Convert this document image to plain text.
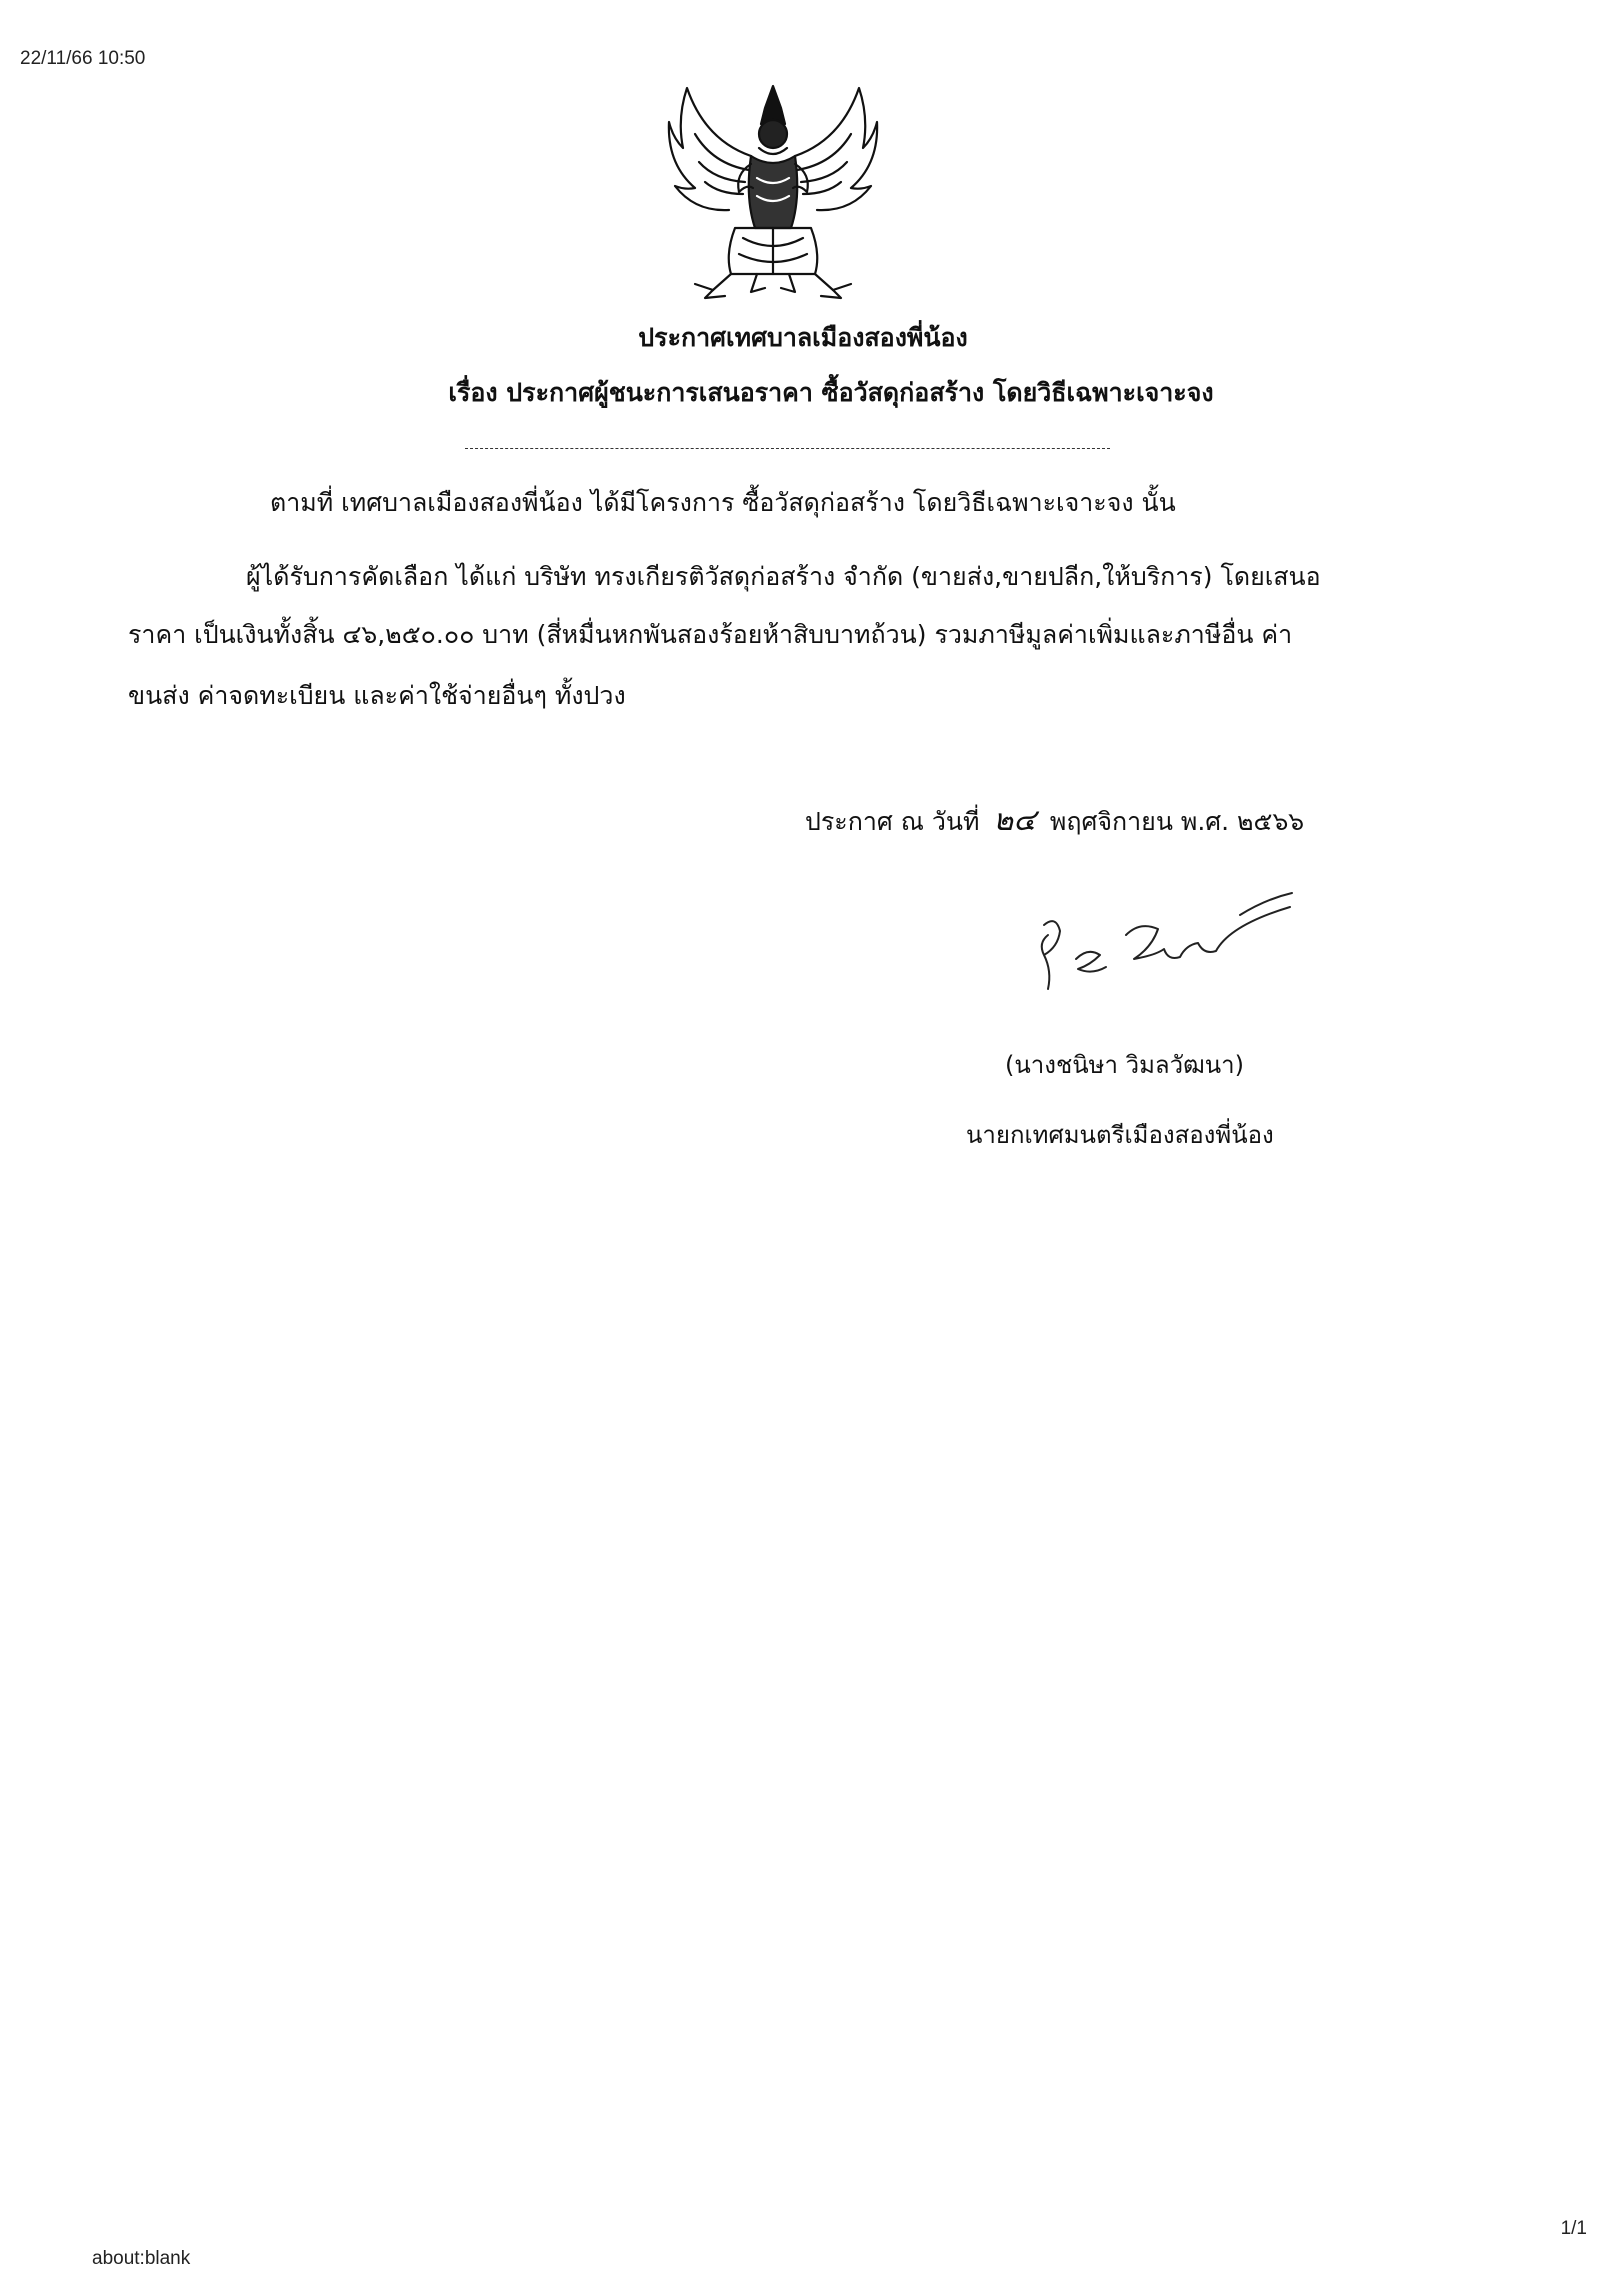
22/11/66 10:50
ประกาศเทศบาลเมืองสองพี่น้อง
เรื่อง ประกาศผู้ชนะการเสนอราคา ซื้อวัสดุก่อสร้าง โดยวิธีเฉพาะเจาะจง
ตามที่ เทศบาลเมืองสองพี่น้อง ได้มีโครงการ ซื้อวัสดุก่อสร้าง โดยวิธีเฉพาะเจาะจง นั้น
ผู้ได้รับการคัดเลือก ได้แก่ บริษัท ทรงเกียรติวัสดุก่อสร้าง จำกัด (ขายส่ง,ขายปลีก,ให้บริการ) โดยเสนอ
ราคา เป็นเงินทั้งสิ้น ๔๖,๒๕๐.๐๐ บาท (สี่หมื่นหกพันสองร้อยห้าสิบบาทถ้วน) รวมภาษีมูลค่าเพิ่มและภาษีอื่น ค่า
ขนส่ง ค่าจดทะเบียน และค่าใช้จ่ายอื่นๆ ทั้งปวง
ประกาศ ณ วันที่ ๒๔ พฤศจิกายน พ.ศ. ๒๕๖๖
(นางชนิษา วิมลวัฒนา)
นายกเทศมนตรีเมืองสองพี่น้อง
1/1
about:blank
